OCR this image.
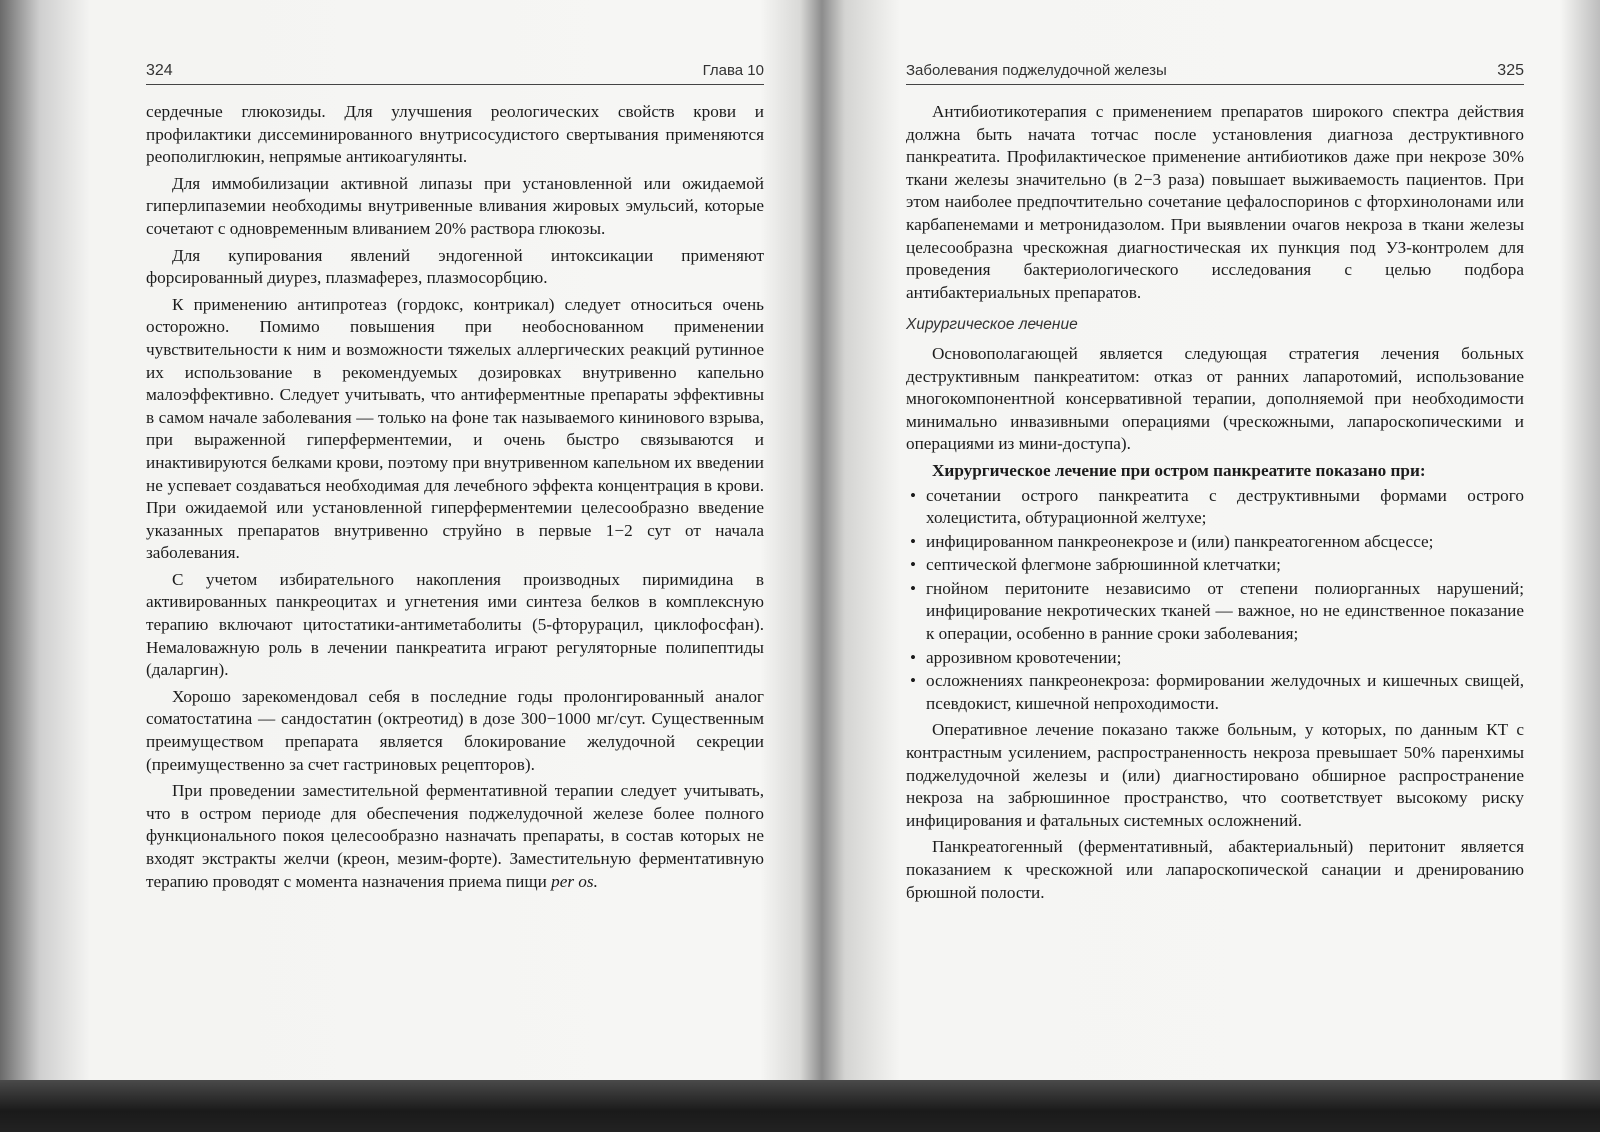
324	Глава 10

сердечные глюкозиды. Для улучшения реологических свойств крови и профилактики диссеминированного внутрисосудистого свертывания применяются реополиглюкин, непрямые антикоагулянты.

Для иммобилизации активной липазы при установленной или ожидаемой гиперлипаземии необходимы внутривенные вливания жировых эмульсий, которые сочетают с одновременным вливанием 20% раствора глюкозы.

Для купирования явлений эндогенной интоксикации применяют форсированный диурез, плазмаферез, плазмосорбцию.

К применению антипротеаз (гордокс, контрикал) следует относиться очень осторожно. Помимо повышения при необоснованном применении чувствительности к ним и возможности тяжелых аллергических реакций рутинное их использование в рекомендуемых дозировках внутривенно капельно малоэффективно. Следует учитывать, что антиферментные препараты эффективны в самом начале заболевания — только на фоне так называемого кининового взрыва, при выраженной гиперферментемии, и очень быстро связываются и инактивируются белками крови, поэтому при внутривенном капельном их введении не успевает создаваться необходимая для лечебного эффекта концентрация в крови. При ожидаемой или установленной гиперферментемии целесообразно введение указанных препаратов внутривенно струйно в первые 1−2 сут от начала заболевания.

С учетом избирательного накопления производных пиримидина в активированных панкреоцитах и угнетения ими синтеза белков в комплексную терапию включают цитостатики-антиметаболиты (5-фторурацил, циклофосфан). Немаловажную роль в лечении панкреатита играют регуляторные полипептиды (даларгин).

Хорошо зарекомендовал себя в последние годы пролонгированный аналог соматостатина — сандостатин (октреотид) в дозе 300−1000 мг/сут. Существенным преимуществом препарата является блокирование желудочной секреции (преимущественно за счет гастриновых рецепторов).

При проведении заместительной ферментативной терапии следует учитывать, что в остром периоде для обеспечения поджелудочной железе более полного функционального покоя целесообразно назначать препараты, в состав которых не входят экстракты желчи (креон, мезим-форте). Заместительную ферментативную терапию проводят с момента назначения приема пищи per os.

Заболевания поджелудочной железы	325

Антибиотикотерапия с применением препаратов широкого спектра действия должна быть начата тотчас после установления диагноза деструктивного панкреатита. Профилактическое применение антибиотиков даже при некрозе 30% ткани железы значительно (в 2−3 раза) повышает выживаемость пациентов. При этом наиболее предпочтительно сочетание цефалоспоринов с фторхинолонами или карбапенемами и метронидазолом. При выявлении очагов некроза в ткани железы целесообразна чрескожная диагностическая их пункция под УЗ-контролем для проведения бактериологического исследования с целью подбора антибактериальных препаратов.

Хирургическое лечение

Основополагающей является следующая стратегия лечения больных деструктивным панкреатитом: отказ от ранних лапаротомий, использование многокомпонентной консервативной терапии, дополняемой при необходимости минимально инвазивными операциями (чрескожными, лапароскопическими и операциями из мини-доступа).

Хирургическое лечение при остром панкреатите показано при:
• сочетании острого панкреатита с деструктивными формами острого холецистита, обтурационной желтухе;
• инфицированном панкреонекрозе и (или) панкреатогенном абсцессе;
• септической флегмоне забрюшинной клетчатки;
• гнойном перитоните независимо от степени полиорганных нарушений; инфицирование некротических тканей — важное, но не единственное показание к операции, особенно в ранние сроки заболевания;
• аррозивном кровотечении;
• осложнениях панкреонекроза: формировании желудочных и кишечных свищей, псевдокист, кишечной непроходимости.

Оперативное лечение показано также больным, у которых, по данным КТ с контрастным усилением, распространенность некроза превышает 50% паренхимы поджелудочной железы и (или) диагностировано обширное распространение некроза на забрюшинное пространство, что соответствует высокому риску инфицирования и фатальных системных осложнений.

Панкреатогенный (ферментативный, абактериальный) перитонит является показанием к чрескожной или лапароскопической санации и дренированию брюшной полости.
